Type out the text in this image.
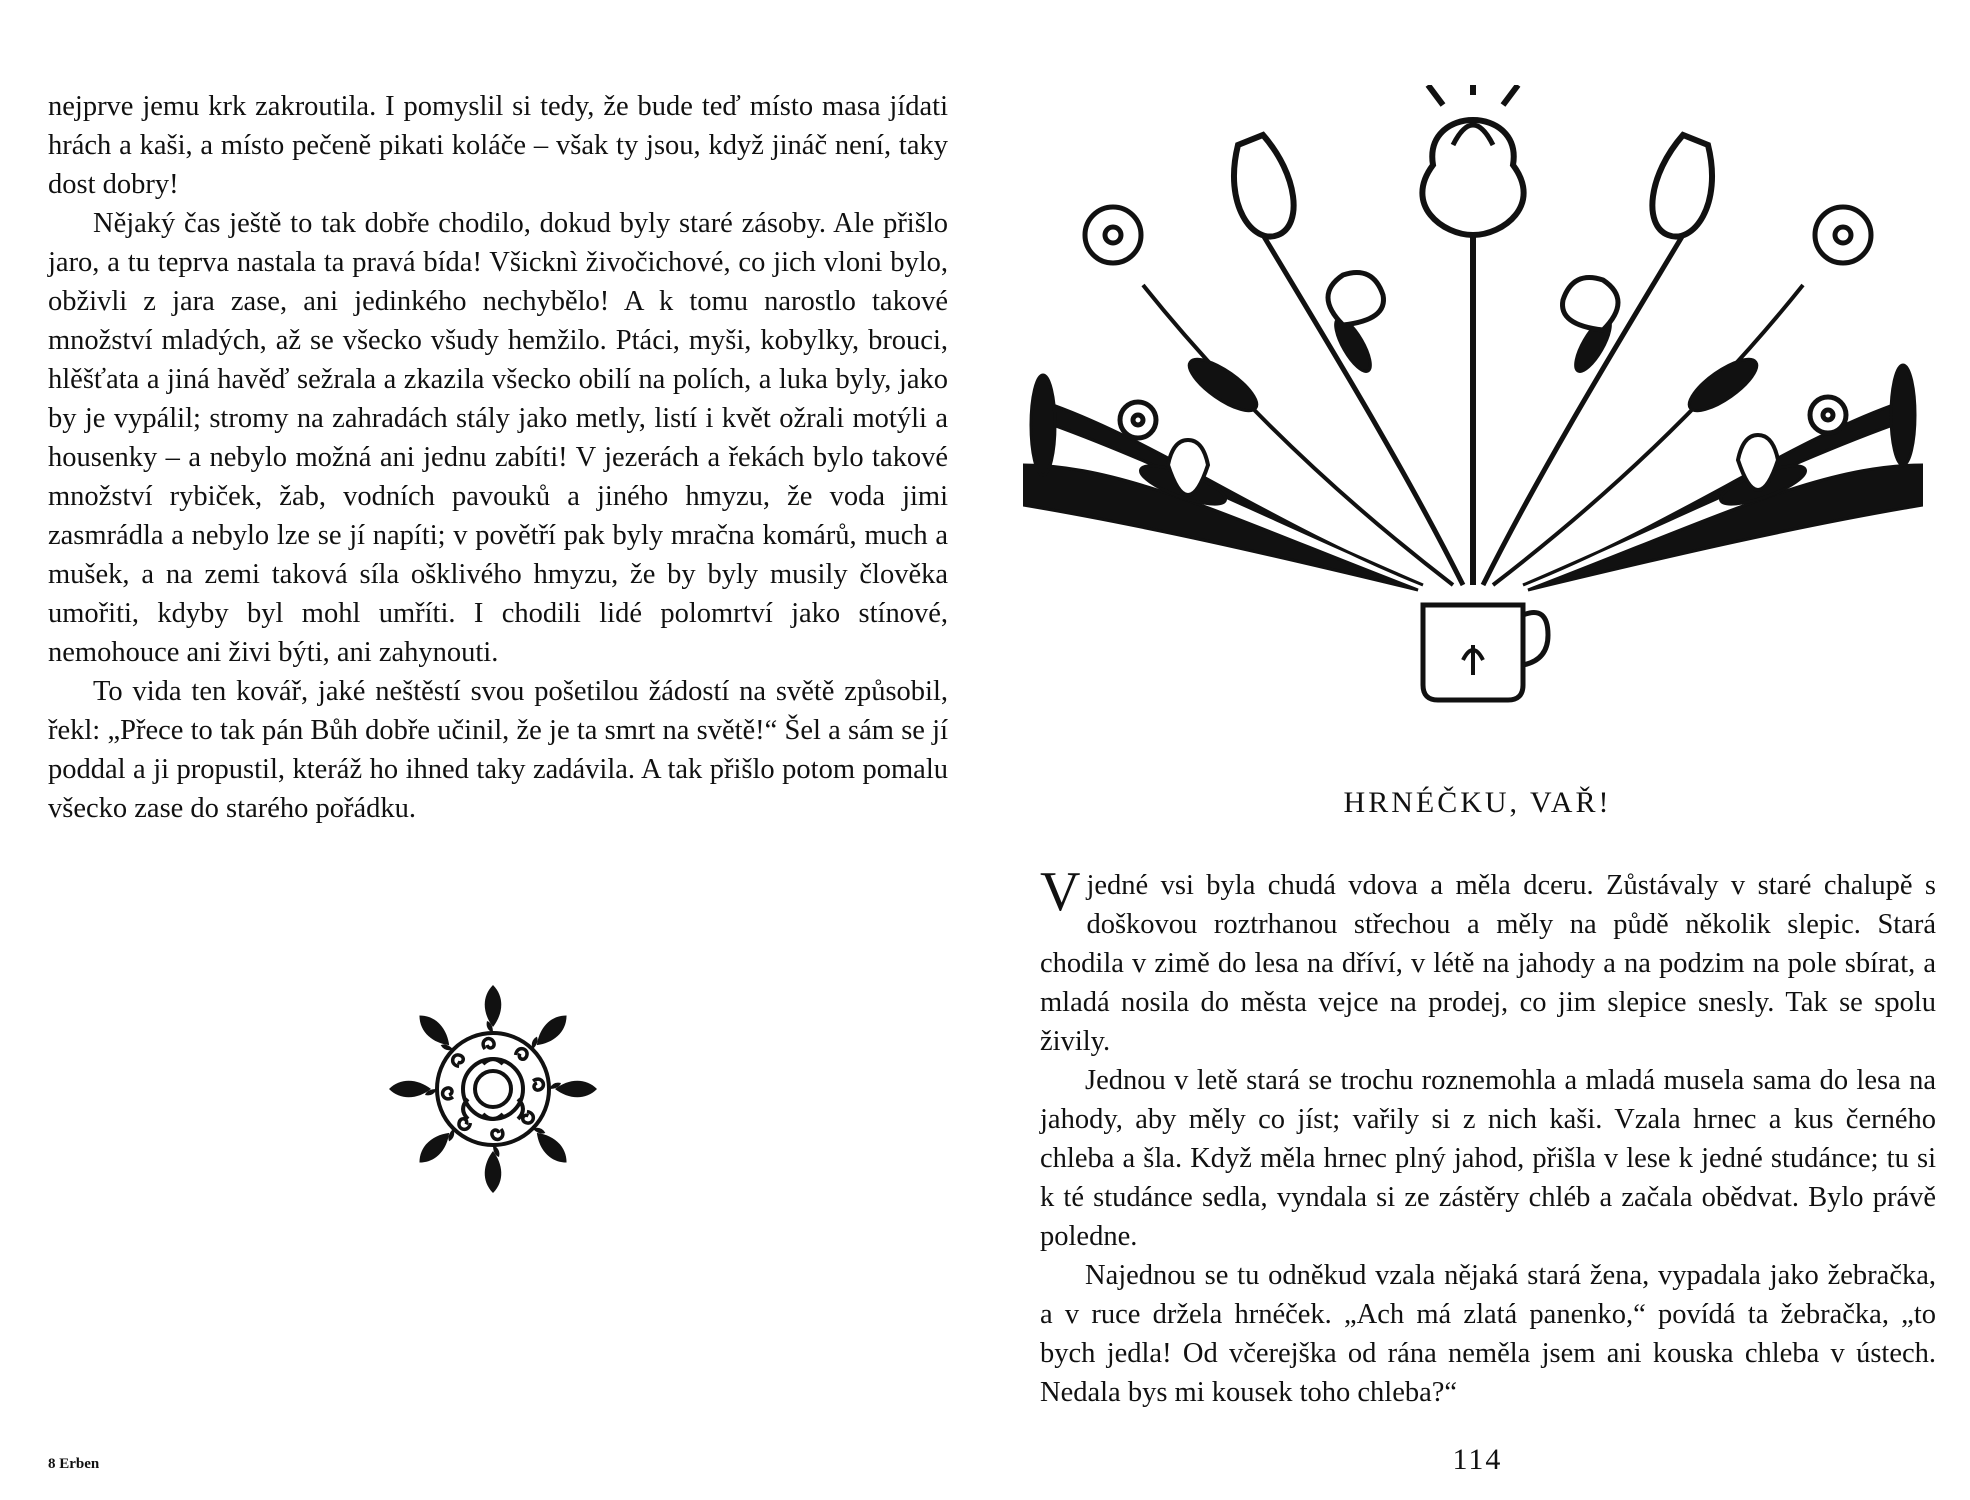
nejprve jemu krk zakroutila. I pomyslil si tedy, že bude teď místo masa jídati hrách a kaši, a místo pečeně pikati koláče – však ty jsou, když jináč není, taky dost dobry!

Nějaký čas ještě to tak dobře chodilo, dokud byly staré zásoby. Ale přišlo jaro, a tu teprva nastala ta pravá bída! Všicknì živočichové, co jich vloni bylo, obživli z jara zase, ani jedinkého nechybělo! A k tomu narostlo takové množství mladých, až se všecko všudy hemžilo. Ptáci, myši, kobylky, brouci, hlěšťata a jiná havěď sežrala a zkazila všecko obilí na polích, a luka byly, jako by je vypálil; stromy na zahradách stály jako metly, listí i květ ožrali motýli a housenky – a nebylo možná ani jednu zabíti! V jezerách a řekách bylo takové množství rybiček, žab, vodních pavouků a jiného hmyzu, že voda jimi zasmrádla a nebylo lze se jí napíti; v povětří pak byly mračna komárů, much a mušek, a na zemi taková síla ošklivého hmyzu, že by byly musily člověka umořiti, kdyby byl mohl umříti. I chodili lidé polomrtví jako stínové, nemohouce ani živi býti, ani zahynouti.

To vida ten kovář, jaké neštěstí svou pošetilou žádostí na světě způsobil, řekl: „Přece to tak pán Bůh dobře učinil, že je ta smrt na světě!“ Šel a sám se jí poddal a ji propustil, kteráž ho ihned taky zadávila. A tak přišlo potom pomalu všecko zase do starého pořádku.

8 Erben
HRNÉČKU, VAŘ!

Vjedné vsi byla chudá vdova a měla dceru. Zůstávaly v staré chalupě s doškovou roztrhanou střechou a měly na půdě několik slepic. Stará chodila v zimě do lesa na dříví, v létě na jahody a na podzim na pole sbírat, a mladá nosila do města vejce na prodej, co jim slepice snesly. Tak se spolu živily.

Jednou v letě stará se trochu roznemohla a mladá musela sama do lesa na jahody, aby měly co jíst; vařily si z nich kaši. Vzala hrnec a kus černého chleba a šla. Když měla hrnec plný jahod, přišla v lese k jedné studánce; tu si k té studánce sedla, vyndala si ze zástěry chléb a začala obědvat. Bylo právě poledne.

Najednou se tu odněkud vzala nějaká stará žena, vypadala jako žebračka, a v ruce držela hrnéček. „Ach má zlatá panenko,“ povídá ta žebračka, „to bych jedla! Od včerejška od rána neměla jsem ani kouska chleba v ústech. Nedala bys mi kousek toho chleba?“

114
